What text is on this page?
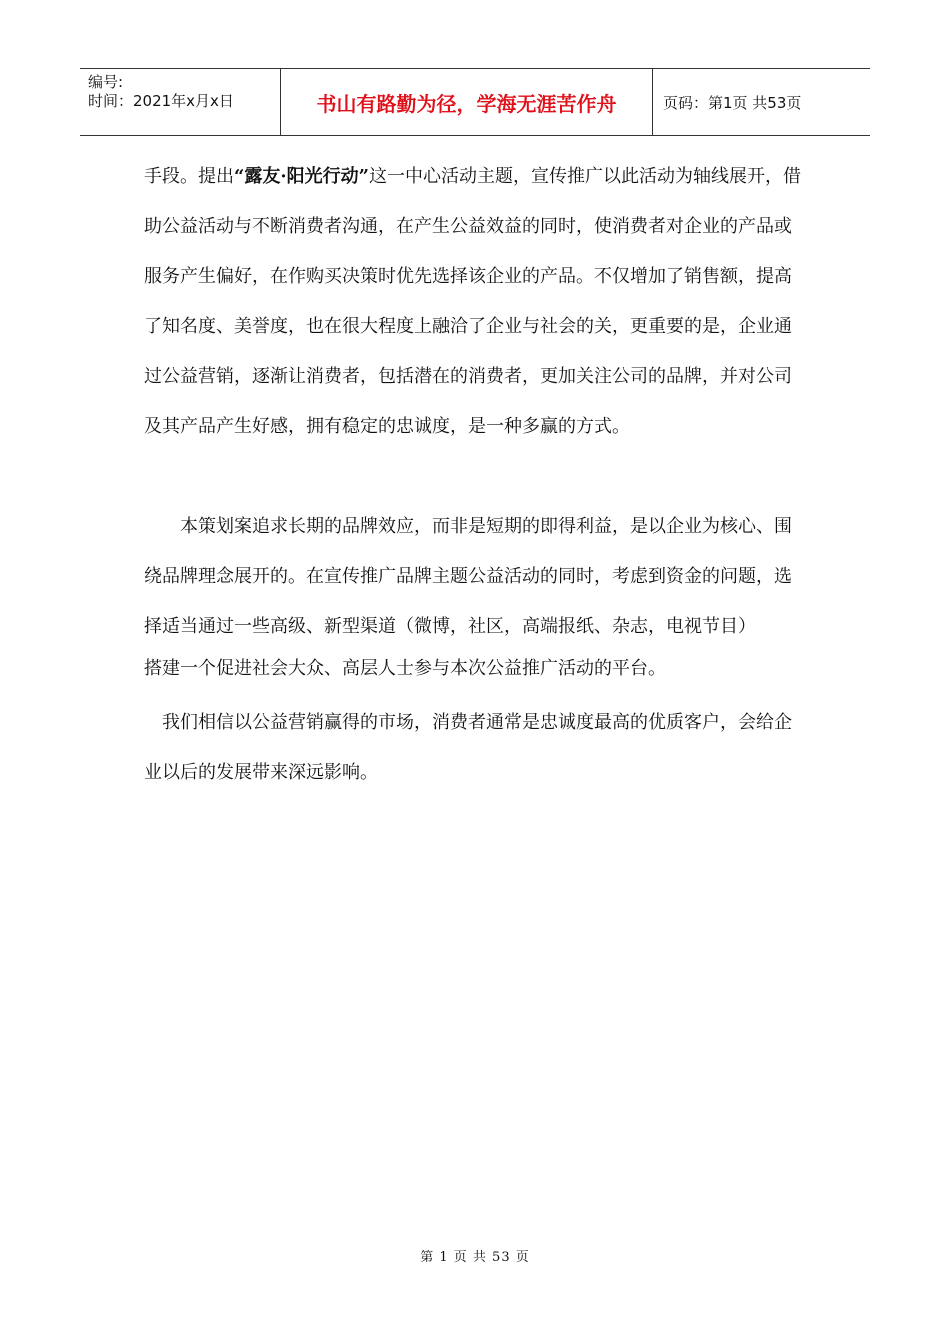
编号:
时间：2021年x月x日	书山有路勤为径，学海无涯苦作舟	页码：第1页 共53页

手段。提出“露友·阳光行动”这一中心活动主题，宣传推广以此活动为轴线展开，借助公益活动与不断消费者沟通，在产生公益效益的同时，使消费者对企业的产品或服务产生偏好，在作购买决策时优先选择该企业的产品。不仅增加了销售额，提高了知名度、美誉度，也在很大程度上融洽了企业与社会的关，更重要的是，企业通过公益营销，逐渐让消费者，包括潜在的消费者，更加关注公司的品牌，并对公司及其产品产生好感，拥有稳定的忠诚度，是一种多赢的方式。

本策划案追求长期的品牌效应，而非是短期的即得利益，是以企业为核心、围绕品牌理念展开的。在宣传推广品牌主题公益活动的同时，考虑到资金的问题，选择适当通过一些高级、新型渠道（微博，社区，高端报纸、杂志，电视节目）

搭建一个促进社会大众、高层人士参与本次公益推广活动的平台。

我们相信以公益营销赢得的市场，消费者通常是忠诚度最高的优质客户，会给企业以后的发展带来深远影响。

第 1 页 共 53 页
